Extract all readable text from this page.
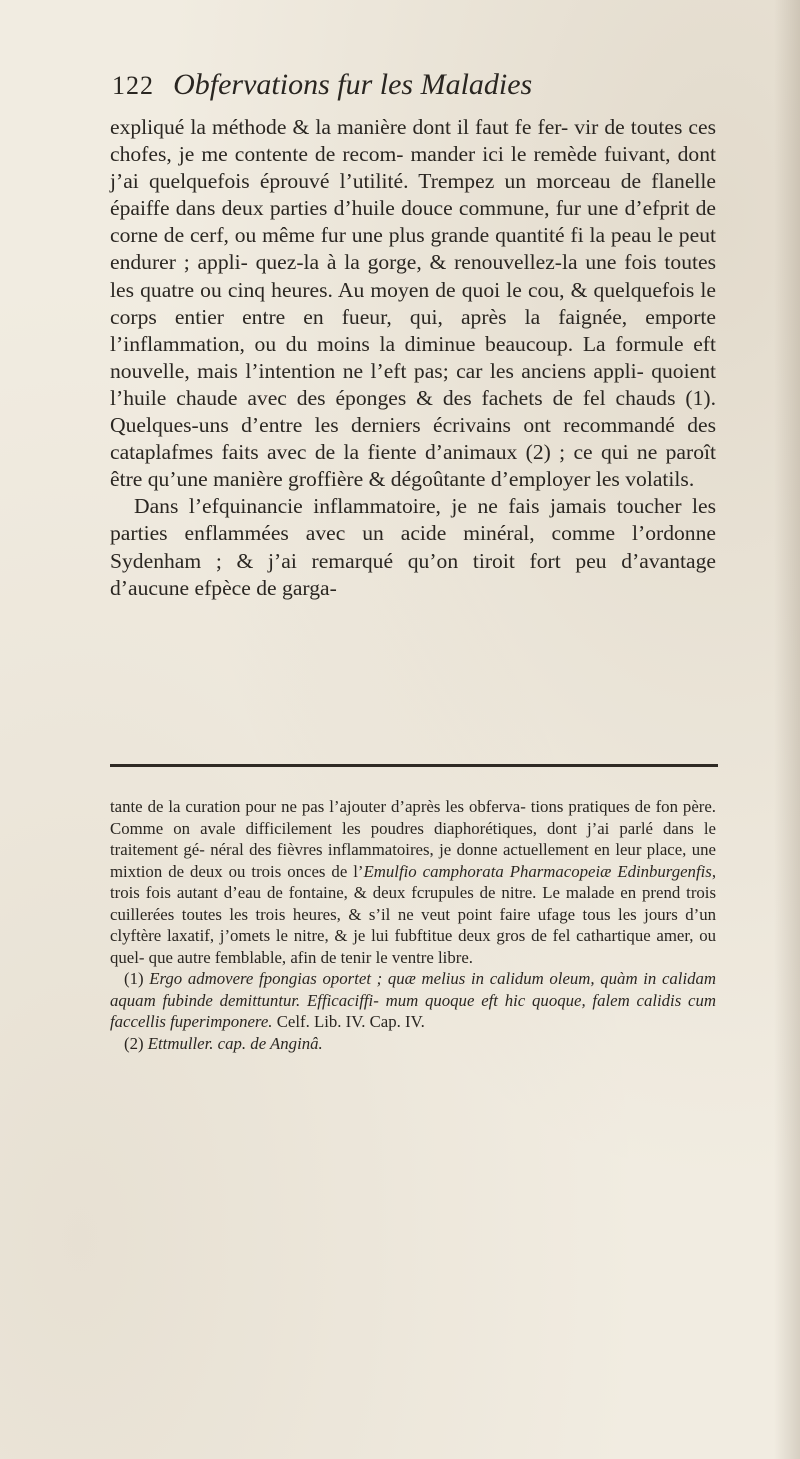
122 Obfervations fur les Maladies

expliqué la méthode & la manière dont il faut fe fer- vir de toutes ces chofes, je me contente de recom- mander ici le remède fuivant, dont j’ai quelquefois éprouvé l’utilité. Trempez un morceau de flanelle épaiffe dans deux parties d’huile douce commune, fur une d’efprit de corne de cerf, ou même fur une plus grande quantité fi la peau le peut endurer ; appli- quez-la à la gorge, & renouvellez-la une fois toutes les quatre ou cinq heures. Au moyen de quoi le cou, & quelquefois le corps entier entre en fueur, qui, après la faignée, emporte l’inflammation, ou du moins la diminue beaucoup. La formule eft nouvelle, mais l’intention ne l’eft pas; car les anciens appli- quoient l’huile chaude avec des éponges & des fachets de fel chauds (1). Quelques-uns d’entre les derniers écrivains ont recommandé des cataplafmes faits avec de la fiente d’animaux (2) ; ce qui ne paroît être qu’une manière groffière & dégoûtante d’employer les volatils.

Dans l’efquinancie inflammatoire, je ne fais jamais toucher les parties enflammées avec un acide minéral, comme l’ordonne Sydenham ; & j’ai remarqué qu’on tiroit fort peu d’avantage d’aucune efpèce de garga-

tante de la curation pour ne pas l’ajouter d’après les obferva- tions pratiques de fon père. Comme on avale difficilement les poudres diaphorétiques, dont j’ai parlé dans le traitement gé- néral des fièvres inflammatoires, je donne actuellement en leur place, une mixtion de deux ou trois onces de l’Emulfio camphorata Pharmacopeiæ Edinburgenfis, trois fois autant d’eau de fontaine, & deux fcrupules de nitre. Le malade en prend trois cuillerées toutes les trois heures, & s’il ne veut point faire ufage tous les jours d’un clyftère laxatif, j’omets le nitre, & je lui fubftitue deux gros de fel cathartique amer, ou quel- que autre femblable, afin de tenir le ventre libre.

(1) Ergo admovere fpongias oportet ; quæ melius in calidum oleum, quàm in calidam aquam fubinde demittuntur. Efficaciffi- mum quoque eft hic quoque, falem calidis cum faccellis fuperimponere. Celf. Lib. IV. Cap. IV.

(2) Ettmuller. cap. de Anginâ.
